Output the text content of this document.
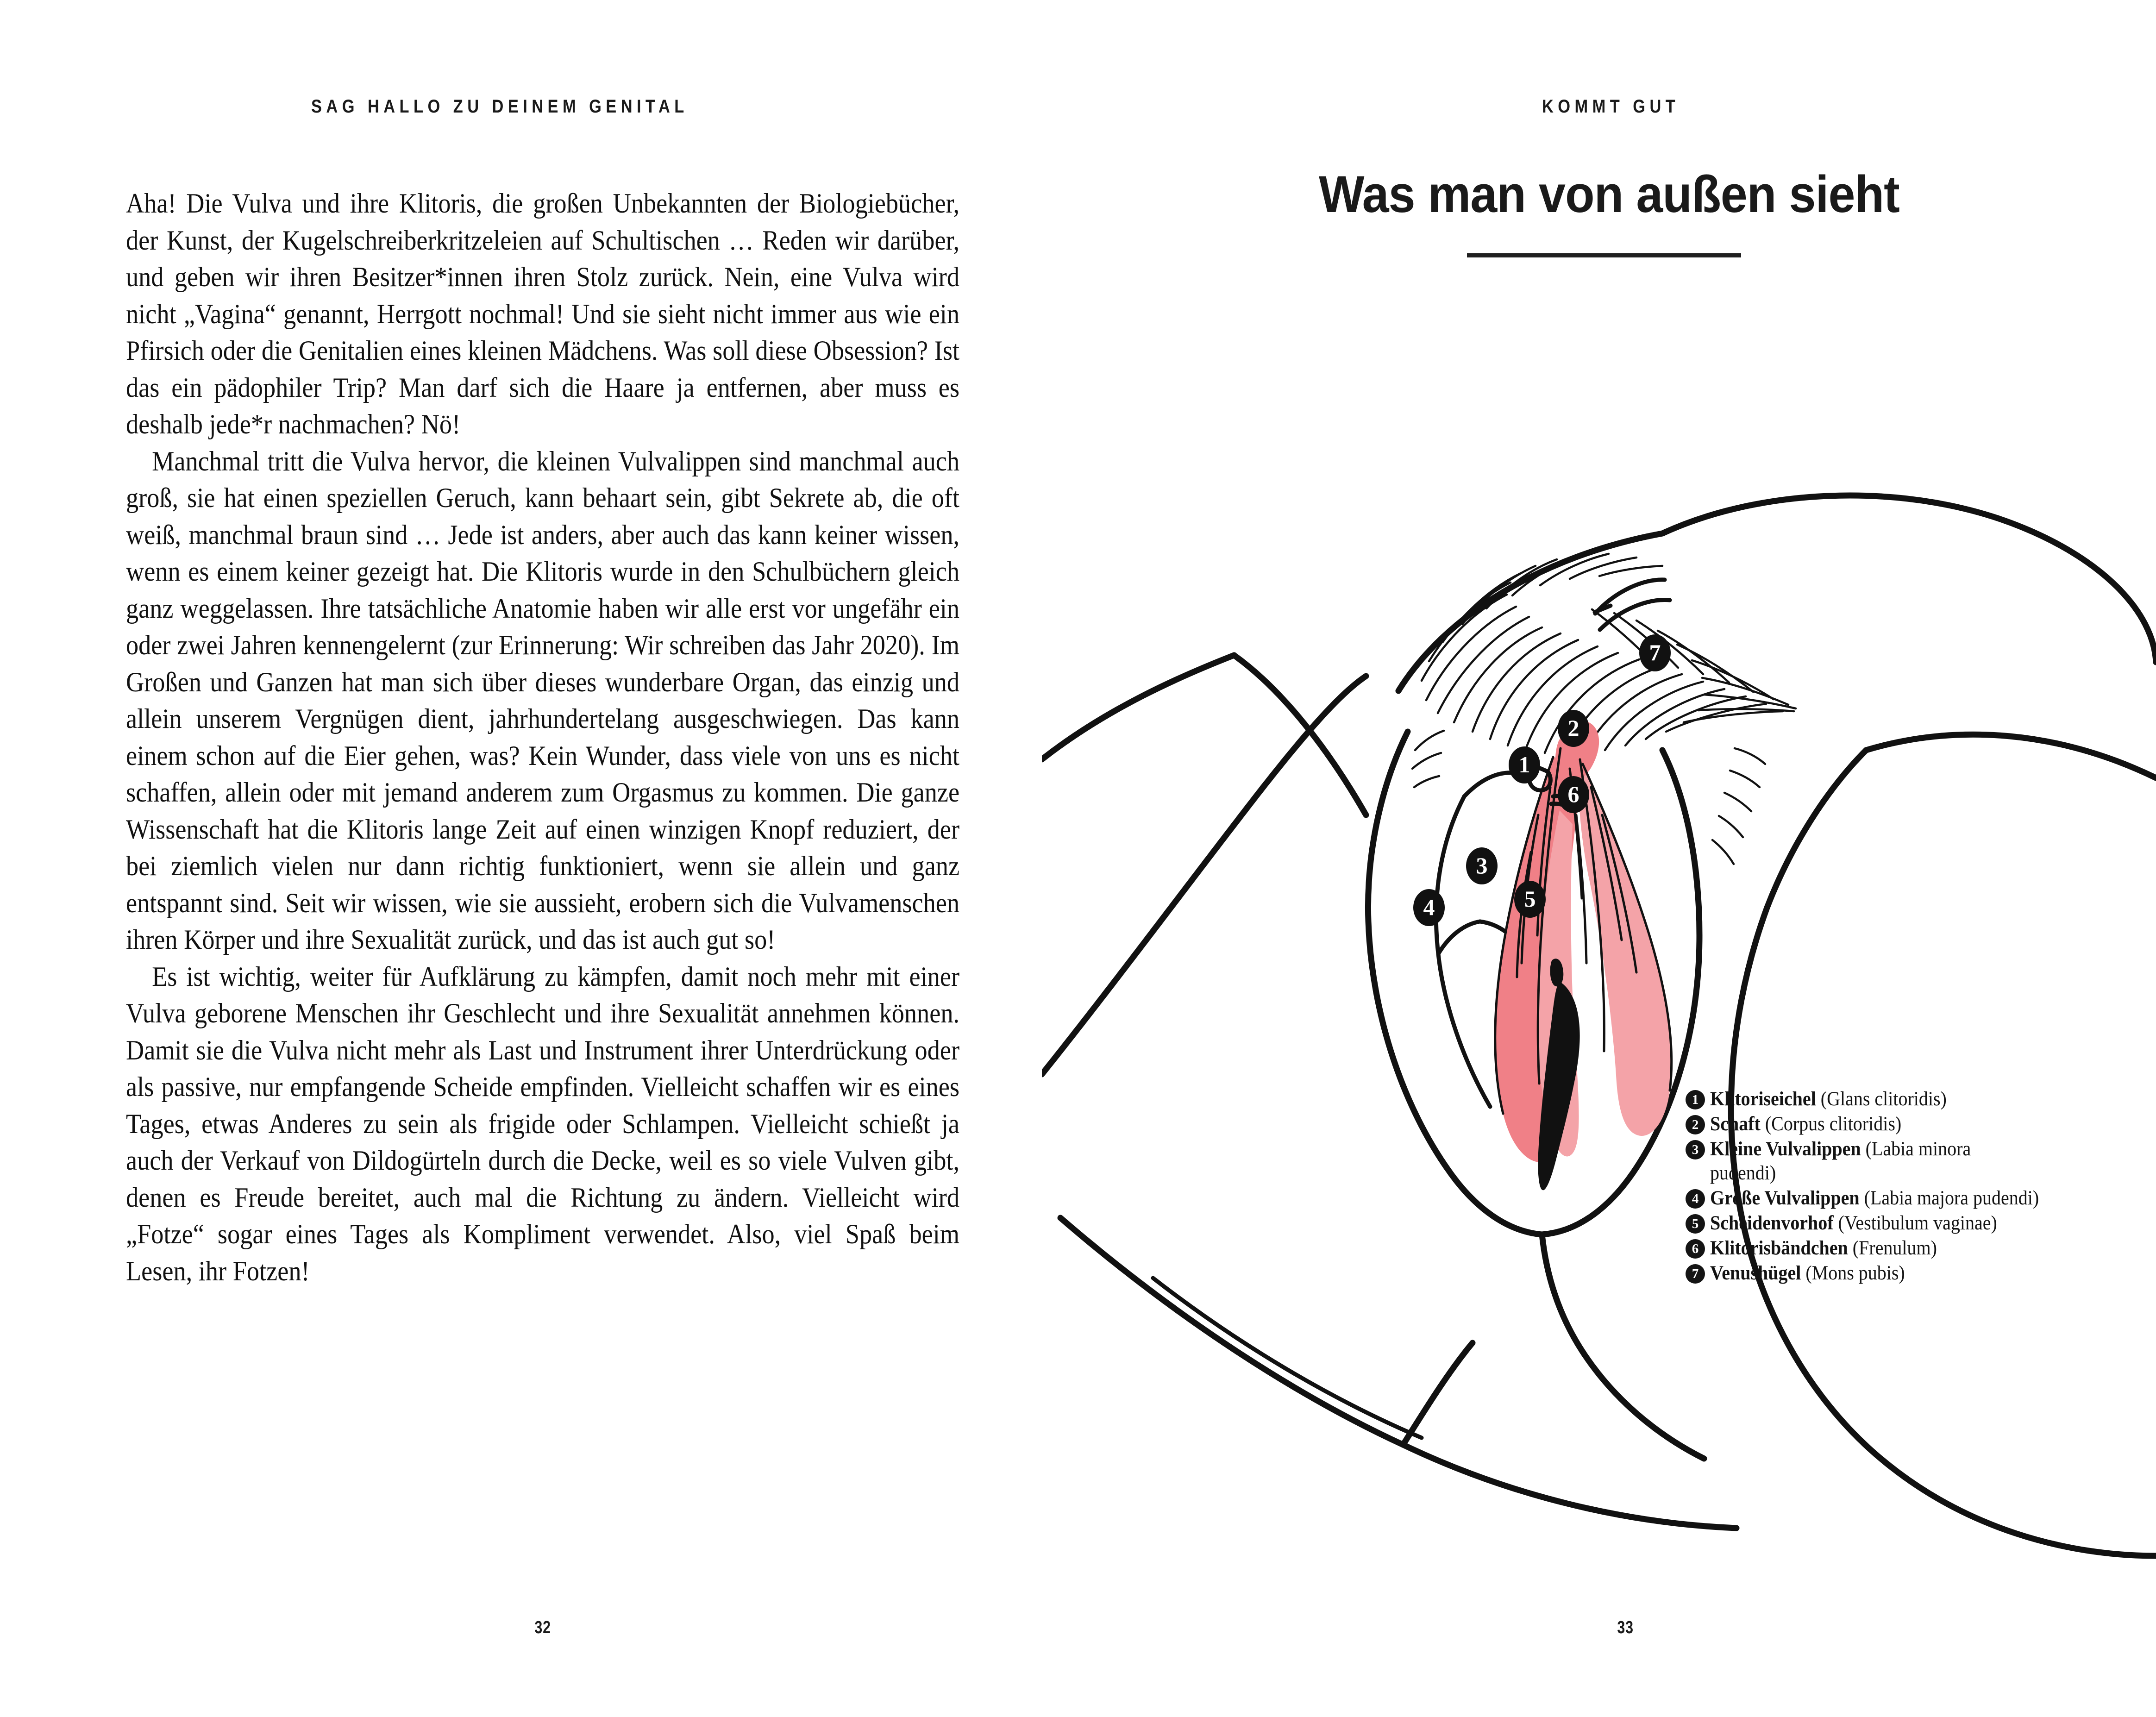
SAG HALLO ZU DEINEM GENITAL	KOMMT GUT

Aha! Die Vulva und ihre Klitoris, die großen Unbekannten der Biologiebücher, der Kunst, der Kugelschreiberkritzeleien auf Schultischen … Reden wir darüber, und geben wir ihren Besitzer*innen ihren Stolz zurück. Nein, eine Vulva wird nicht „Vagina“ genannt, Herrgott nochmal! Und sie sieht nicht immer aus wie ein Pfirsich oder die Genitalien eines kleinen Mädchens. Was soll diese Obsession? Ist das ein pädophiler Trip? Man darf sich die Haare ja entfernen, aber muss es deshalb jede*r nachmachen? Nö!

Manchmal tritt die Vulva hervor, die kleinen Vulvalippen sind manchmal auch groß, sie hat einen speziellen Geruch, kann behaart sein, gibt Sekrete ab, die oft weiß, manchmal braun sind … Jede ist anders, aber auch das kann keiner wissen, wenn es einem keiner gezeigt hat. Die Klitoris wurde in den Schulbüchern gleich ganz weggelassen. Ihre tatsächliche Anatomie haben wir alle erst vor ungefähr ein oder zwei Jahren kennengelernt (zur Erinnerung: Wir schreiben das Jahr 2020). Im Großen und Ganzen hat man sich über dieses wunderbare Organ, das einzig und allein unserem Vergnügen dient, jahrhundertelang ausgeschwiegen. Das kann einem schon auf die Eier gehen, was? Kein Wunder, dass viele von uns es nicht schaffen, allein oder mit jemand anderem zum Orgasmus zu kommen. Die ganze Wissenschaft hat die Klitoris lange Zeit auf einen winzigen Knopf reduziert, der bei ziemlich vielen nur dann richtig funktioniert, wenn sie allein und ganz entspannt sind. Seit wir wissen, wie sie aussieht, erobern sich die Vulvamenschen ihren Körper und ihre Sexualität zurück, und das ist auch gut so!

Es ist wichtig, weiter für Aufklärung zu kämpfen, damit noch mehr mit einer Vulva geborene Menschen ihr Geschlecht und ihre Sexualität annehmen können. Damit sie die Vulva nicht mehr als Last und Instrument ihrer Unterdrückung oder als passive, nur empfangende Scheide empfinden. Vielleicht schaffen wir es eines Tages, etwas Anderes zu sein als frigide oder Schlampen. Vielleicht schießt ja auch der Verkauf von Dildogürteln durch die Decke, weil es so viele Vulven gibt, denen es Freude bereitet, auch mal die Richtung zu ändern. Vielleicht wird „Fotze“ sogar eines Tages als Kompliment verwendet. Also, viel Spaß beim Lesen, ihr Fotzen!

Was man von außen sieht
7
2
1
6
3
5
4
1 Klitoriseichel (Glans clitoridis)
2 Schaft (Corpus clitoridis)
3 Kleine Vulvalippen (Labia minora pudendi)
4 Große Vulvalippen (Labia majora pudendi)
5 Scheidenvorhof (Vestibulum vaginae)
6 Klitorisbändchen (Frenulum)
7 Venushügel (Mons pubis)
32	33
